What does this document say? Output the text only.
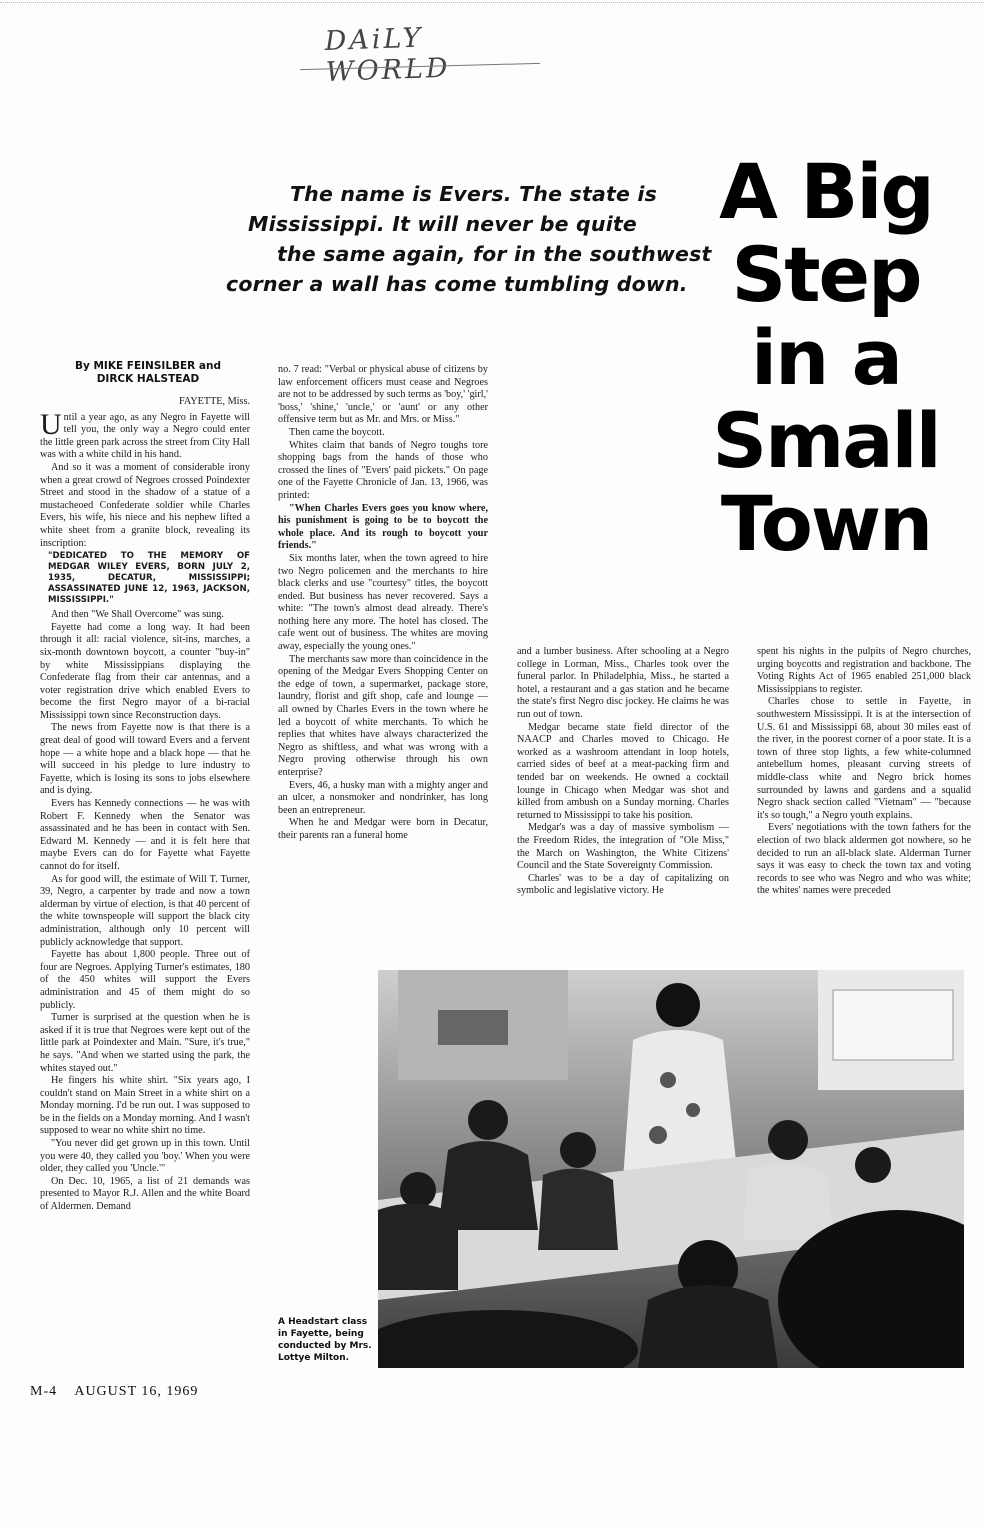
DAiLY WORLD
The name is Evers. The state is
Mississippi. It will never be quite
the same again, for in the southwest
corner a wall has come tumbling down.
A Big
Step
in a
Small
Town
By MIKE FEINSILBER and DIRCK HALSTEAD

FAYETTE, Miss.

Until a year ago, as any Negro in Fayette will tell you, the only way a Negro could enter the little green park across the street from City Hall was with a white child in his hand.

And so it was a moment of considerable irony when a great crowd of Negroes crossed Poindexter Street and stood in the shadow of a statue of a mustacheoed Confederate soldier while Charles Evers, his wife, his niece and his nephew lifted a white sheet from a granite block, revealing its inscription:

"DEDICATED TO THE MEMORY OF MEDGAR WILEY EVERS, BORN JULY 2, 1935, DECATUR, MISSISSIPPI; ASSASSINATED JUNE 12, 1963, JACKSON, MISSISSIPPI."

And then "We Shall Overcome" was sung.

Fayette had come a long way. It had been through it all: racial violence, sit-ins, marches, a six-month downtown boycott, a counter "buy-in" by white Mississippians displaying the Confederate flag from their car antennas, and a voter registration drive which enabled Evers to become the first Negro mayor of a bi-racial Mississippi town since Reconstruction days.

The news from Fayette now is that there is a great deal of good will toward Evers and a fervent hope — a white hope and a black hope — that he will succeed in his pledge to lure industry to Fayette, which is losing its sons to jobs elsewhere and is dying.

Evers has Kennedy connections — he was with Robert F. Kennedy when the Senator was assassinated and he has been in contact with Sen. Edward M. Kennedy — and it is felt here that maybe Evers can do for Fayette what Fayette cannot do for itself.

As for good will, the estimate of Will T. Turner, 39, Negro, a carpenter by trade and now a town alderman by virtue of election, is that 40 percent of the white townspeople will support the black city administration, although only 10 percent will publicly acknowledge that support.

Fayette has about 1,800 people. Three out of four are Negroes. Applying Turner's estimates, 180 of the 450 whites will support the Evers administration and 45 of them might do so publicly.

Turner is surprised at the question when he is asked if it is true that Negroes were kept out of the little park at Poindexter and Main. "Sure, it's true," he says. "And when we started using the park, the whites stayed out."

He fingers his white shirt. "Six years ago, I couldn't stand on Main Street in a white shirt on a Monday morning. I'd be run out. I was supposed to be in the fields on a Monday morning. And I wasn't supposed to wear no white shirt no time.

"You never did get grown up in this town. Until you were 40, they called you 'boy.' When you were older, they called you 'Uncle.'"

On Dec. 10, 1965, a list of 21 demands was presented to Mayor R.J. Allen and the white Board of Aldermen. Demand

no. 7 read: "Verbal or physical abuse of citizens by law enforcement officers must cease and Negroes are not to be addressed by such terms as 'boy,' 'girl,' 'boss,' 'shine,' 'uncle,' or 'aunt' or any other offensive term but as Mr. and Mrs. or Miss."

Then came the boycott.

Whites claim that bands of Negro toughs tore shopping bags from the hands of those who crossed the lines of "Evers' paid pickets." On page one of the Fayette Chronicle of Jan. 13, 1966, was printed:

"When Charles Evers goes you know where, his punishment is going to be to boycott the whole place. And its rough to boycott your friends."

Six months later, when the town agreed to hire two Negro policemen and the merchants to hire black clerks and use "courtesy" titles, the boycott ended. But business has never recovered. Says a white: "The town's almost dead already. There's nothing here any more. The hotel has closed. The cafe went out of business. The whites are moving away, especially the young ones."

The merchants saw more than coincidence in the opening of the Medgar Evers Shopping Center on the edge of town, a supermarket, package store, laundry, florist and gift shop, cafe and lounge — all owned by Charles Evers in the town where he led a boycott of white merchants. To which he replies that whites have always characterized the Negro as shiftless, and what was wrong with a Negro proving otherwise through his own enterprise?

Evers, 46, a husky man with a mighty anger and an ulcer, a nonsmoker and nondrinker, has long been an entrepreneur.

When he and Medgar were born in Decatur, their parents ran a funeral home

and a lumber business. After schooling at a Negro college in Lorman, Miss., Charles took over the funeral parlor. In Philadelphia, Miss., he started a hotel, a restaurant and a gas station and he became the state's first Negro disc jockey. He claims he was run out of town.

Medgar became state field director of the NAACP and Charles moved to Chicago. He worked as a washroom attendant in loop hotels, carried sides of beef at a meat-packing firm and tended bar on weekends. He owned a cocktail lounge in Chicago when Medgar was shot and killed from ambush on a Sunday morning. Charles returned to Mississippi to take his position.

Medgar's was a day of massive symbolism — the Freedom Rides, the integration of "Ole Miss," the March on Washington, the White Citizens' Council and the State Sovereignty Commission.

Charles' was to be a day of capitalizing on symbolic and legislative victory. He

spent his nights in the pulpits of Negro churches, urging boycotts and registration and backbone. The Voting Rights Act of 1965 enabled 251,000 black Mississippians to register.

Charles chose to settle in Fayette, in southwestern Mississippi. It is at the intersection of U.S. 61 and Mississippi 68, about 30 miles east of the river, in the poorest corner of a poor state. It is a town of three stop lights, a few white-columned antebellum homes, pleasant curving streets of middle-class white and Negro brick homes surrounded by lawns and gardens and a squalid Negro shack section called "Vietnam" — "because it's so tough," a Negro youth explains.

Evers' negotiations with the town fathers for the election of two black aldermen got nowhere, so he decided to run an all-black slate. Alderman Turner says it was easy to check the town tax and voting records to see who was Negro and who was white; the whites' names were preceded

A Headstart class in Fayette, being conducted by Mrs. Lottye Milton.
M-4    AUGUST 16, 1969
